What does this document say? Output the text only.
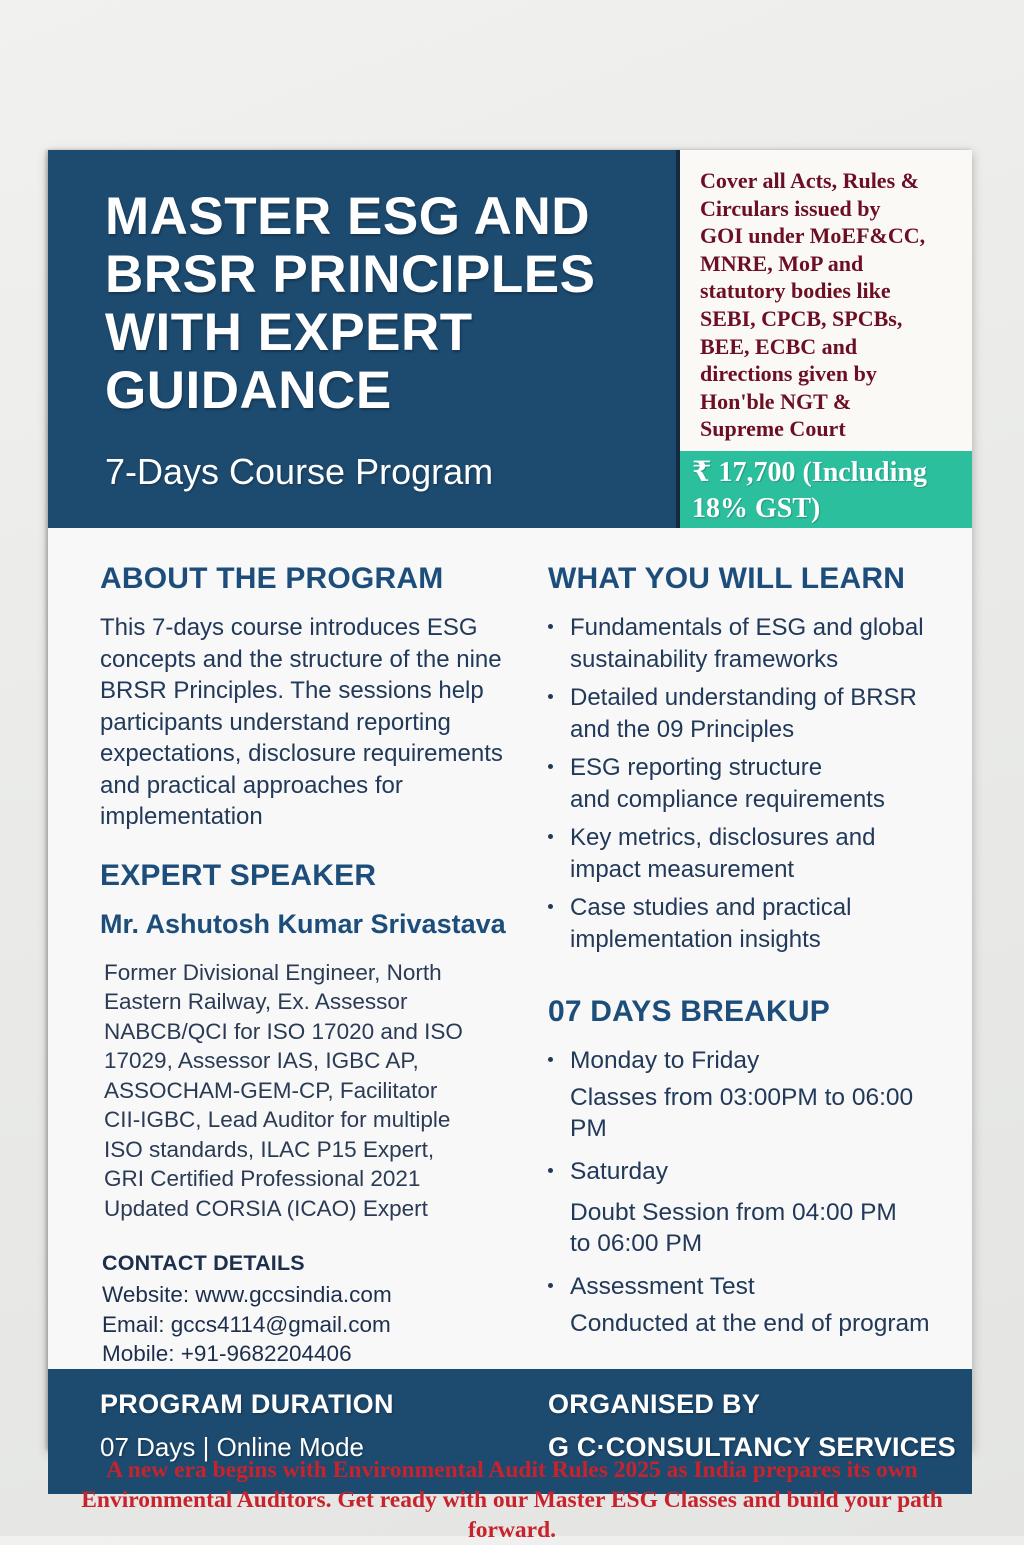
MASTER ESG AND
BRSR PRINCIPLES
WITH EXPERT
GUIDANCE
7-Days Course Program
Cover all Acts, Rules &
Circulars issued by
GOI under MoEF&CC,
MNRE, MoP and
statutory bodies like
SEBI, CPCB, SPCBs,
BEE, ECBC and
directions given by
Hon'ble NGT &
Supreme Court
₹ 17,700 (Including 18% GST)
ABOUT THE PROGRAM
This 7-days course introduces ESG concepts and the structure of the nine BRSR Principles. The sessions help participants understand reporting expectations, disclosure requirements and practical approaches for implementation
EXPERT SPEAKER
Mr. Ashutosh Kumar Srivastava
Former Divisional Engineer, North Eastern Railway, Ex. Assessor NABCB/QCI for ISO 17020 and ISO 17029, Assessor IAS, IGBC AP, ASSOCHAM-GEM-CP, Facilitator CII-IGBC, Lead Auditor for multiple ISO standards, ILAC P15 Expert, GRI Certified Professional 2021 Updated CORSIA (ICAO) Expert
CONTACT DETAILS
Website: www.gccsindia.com
Email: gccs4114@gmail.com
Mobile: +91-9682204406
WHAT YOU WILL LEARN
Fundamentals of ESG and global
sustainability frameworks
Detailed understanding of BRSR
and the 09 Principles
ESG reporting structure
and compliance requirements
Key metrics, disclosures and
impact measurement
Case studies and practical
implementation insights
07 DAYS BREAKUP
Monday to Friday
Classes from 03:00PM to 06:00 PM
Saturday
Doubt Session from 04:00 PM
to 06:00 PM
Assessment Test
Conducted at the end of program
PROGRAM DURATION
07 Days | Online Mode
ORGANISED BY
G C·CONSULTANCY SERVICES
A new era begins with Environmental Audit Rules 2025 as India prepares its own Environmental Auditors. Get ready with our Master ESG Classes and build your path forward.
